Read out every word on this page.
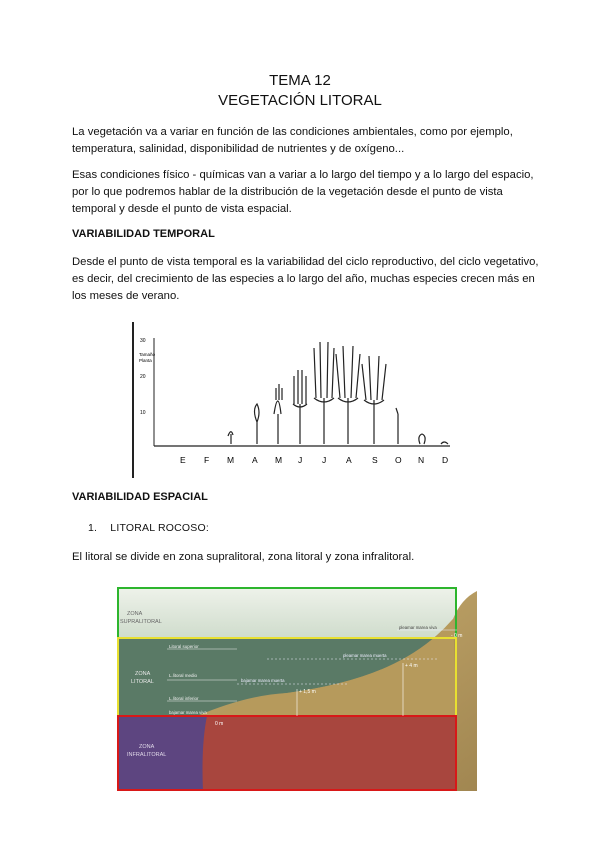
TEMA 12
VEGETACIÓN LITORAL
La vegetación va a variar en función de las condiciones ambientales, como por ejemplo, temperatura, salinidad, disponibilidad de nutrientes y de oxígeno...
Esas condiciones físico - químicas van a variar a lo largo del tiempo y a lo largo del espacio, por lo que podremos hablar de la distribución de la vegetación desde el punto de vista temporal y desde el punto de vista espacial.
VARIABILIDAD TEMPORAL
Desde el punto de vista temporal es la variabilidad del ciclo reproductivo, del ciclo vegetativo, es decir, del crecimiento de las especies a lo largo del año, muchas especies crecen más en los meses de verano.
30
Tamaño
Planta
20
10
E F M A M J J A S O N D
VARIABILIDAD ESPACIAL
1. LITORAL ROCOSO:
El litoral se divide en zona supralitoral, zona litoral y zona infralitoral.
ZONA
SUPRALITORAL
ZONA
LITORAL
ZONA
INFRALITORAL
Litoral superior
L.litoral medio
L.litoral inferior
pleamar marea viva
pleamar marea muerta
bajamar marea muerta
bajamar marea viva
+ 1,5 m
+ 4 m
0 m
- 0 m
